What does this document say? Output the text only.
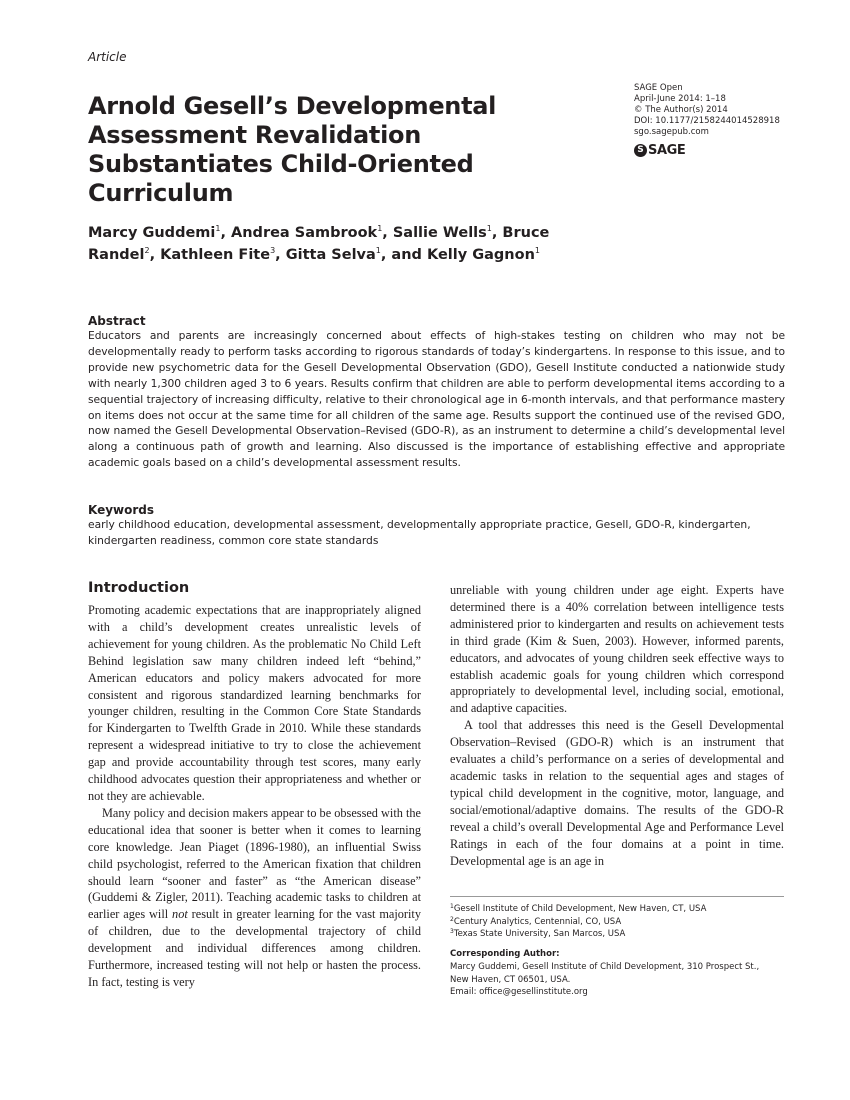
Article
Arnold Gesell’s Developmental Assessment Revalidation Substantiates Child-Oriented Curriculum
SAGE Open
April-June 2014: 1–18
© The Author(s) 2014
DOI: 10.1177/2158244014528918
sgo.sagepub.com
S SAGE

Marcy Guddemi$^1$, Andrea Sambrook$^1$, Sallie Wells$^1$, Bruce Randel$^2$, Kathleen Fite$^3$, Gitta Selva$^1$, and Kelly Gagnon$^1$

Abstract

Educators and parents are increasingly concerned about effects of high-stakes testing on children who may not be developmentally ready to perform tasks according to rigorous standards of today’s kindergartens. In response to this issue, and to provide new psychometric data for the Gesell Developmental Observation (GDO), Gesell Institute conducted a nationwide study with nearly 1,300 children aged 3 to 6 years. Results confirm that children are able to perform developmental items according to a sequential trajectory of increasing difficulty, relative to their chronological age in 6-month intervals, and that performance mastery on items does not occur at the same time for all children of the same age. Results support the continued use of the revised GDO, now named the Gesell Developmental Observation–Revised (GDO-R), as an instrument to determine a child’s developmental level along a continuous path of growth and learning. Also discussed is the importance of establishing effective and appropriate academic goals based on a child’s developmental assessment results.

Keywords

early childhood education, developmental assessment, developmentally appropriate practice, Gesell, GDO-R, kindergarten, kindergarten readiness, common core state standards

Introduction

Promoting academic expectations that are inappropriately aligned with a child’s development creates unrealistic levels of achievement for young children. As the problematic No Child Left Behind legislation saw many children indeed left “behind,” American educators and policy makers advocated for more consistent and rigorous standardized learning benchmarks for younger children, resulting in the Common Core State Standards for Kindergarten to Twelfth Grade in 2010. While these standards represent a widespread initiative to try to close the achievement gap and provide accountability through test scores, many early childhood advocates question their appropriateness and whether or not they are achievable.

Many policy and decision makers appear to be obsessed with the educational idea that sooner is better when it comes to learning core knowledge. Jean Piaget (1896-1980), an influential Swiss child psychologist, referred to the American fixation that children should learn “sooner and faster” as “the American disease” (Guddemi & Zigler, 2011). Teaching academic tasks to children at earlier ages will not result in greater learning for the vast majority of children, due to the developmental trajectory of child development and individual differences among children. Furthermore, increased testing will not help or hasten the process. In fact, testing is very

unreliable with young children under age eight. Experts have determined there is a 40% correlation between intelligence tests administered prior to kindergarten and results on achievement tests in third grade (Kim & Suen, 2003). However, informed parents, educators, and advocates of young children seek effective ways to establish academic goals for young children which correspond appropriately to developmental level, including social, emotional, and adaptive capacities.

A tool that addresses this need is the Gesell Developmental Observation–Revised (GDO-R) which is an instrument that evaluates a child’s performance on a series of developmental and academic tasks in relation to the sequential ages and stages of typical child development in the cognitive, motor, language, and social/emotional/adaptive domains. The results of the GDO-R reveal a child’s overall Developmental Age and Performance Level Ratings in each of the four domains at a point in time. Developmental age is an age in

$^1$Gesell Institute of Child Development, New Haven, CT, USA
$^2$Century Analytics, Centennial, CO, USA
$^3$Texas State University, San Marcos, USA
Corresponding Author:
Marcy Guddemi, Gesell Institute of Child Development, 310 Prospect St.,
New Haven, CT 06501, USA.
Email: office@gesellinstitute.org
